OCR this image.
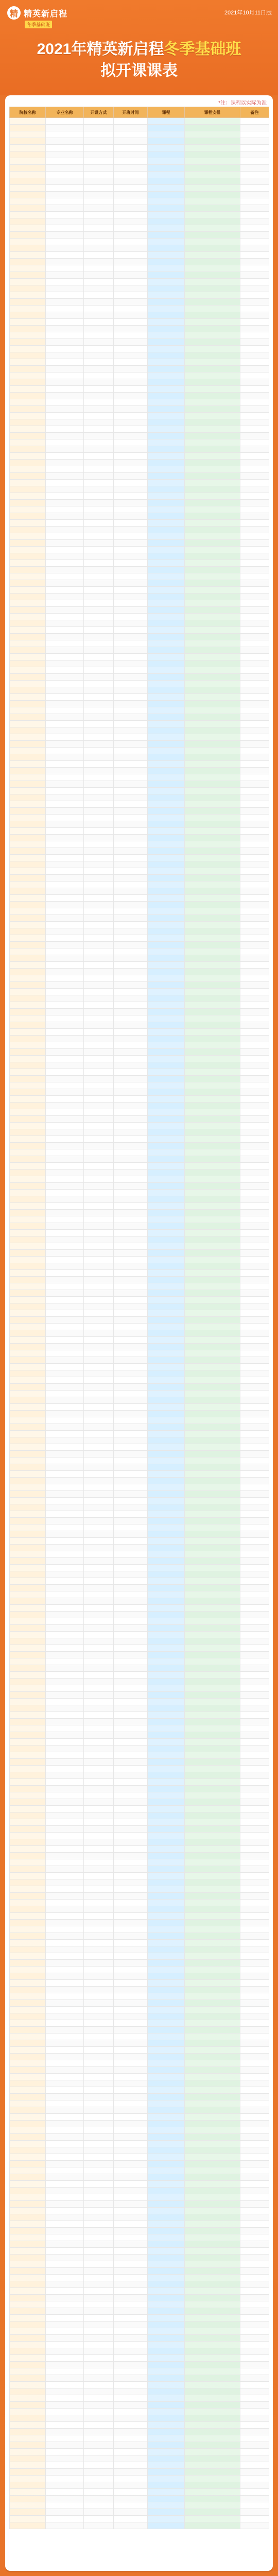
精 精英新启程
冬季基础班
2021年10月11日版
2021年精英新启程冬季基础班
拟开课课表
*注：课程以实际为准
院校名称	专业名称	开设方式	开班时间	课程	课程安排	备注
